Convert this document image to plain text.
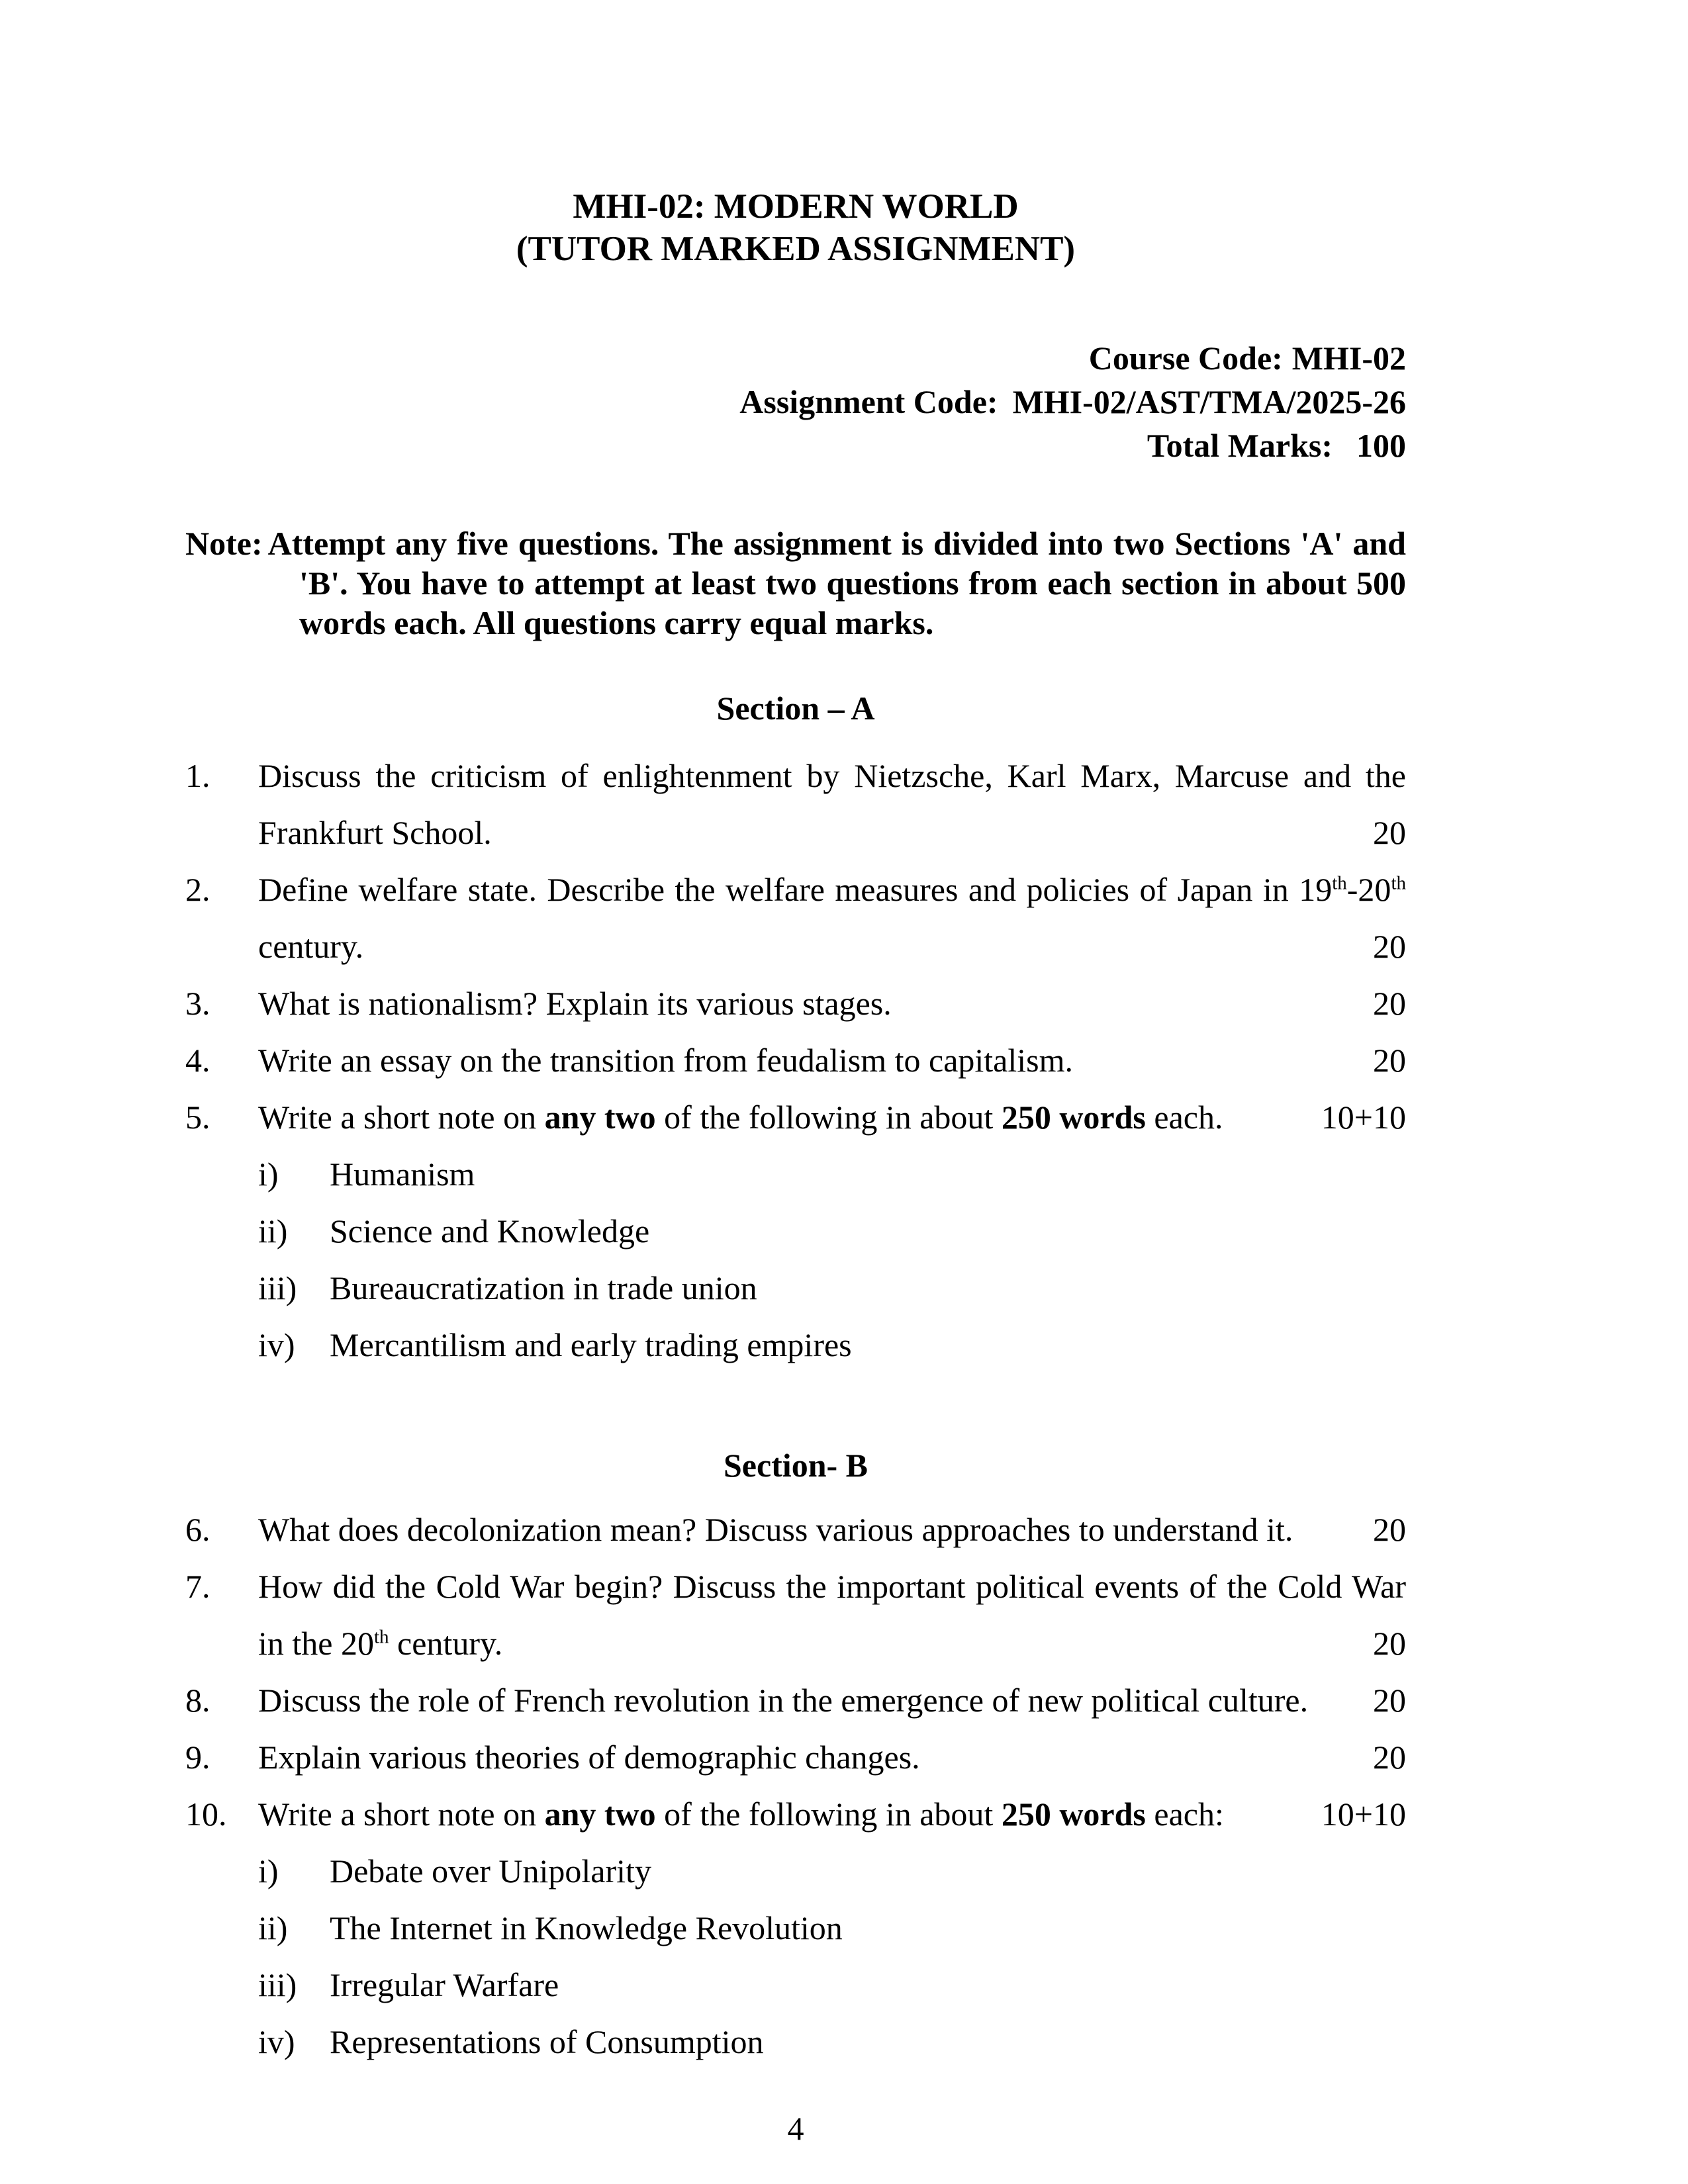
MHI-02: MODERN WORLD
(TUTOR MARKED ASSIGNMENT)
Course Code: MHI-02
Assignment Code: MHI-02/AST/TMA/2025-26
Total Marks: 100

Note: Attempt any five questions. The assignment is divided into two Sections 'A' and 'B'. You have to attempt at least two questions from each section in about 500 words each. All questions carry equal marks.

Section – A
1.	Discuss the criticism of enlightenment by Nietzsche, Karl Marx, Marcuse and the Frankfurt School.	20

2.	Define welfare state. Describe the welfare measures and policies of Japan in 19th-20th century.	20

3.	What is nationalism? Explain its various stages.	20

4.	Write an essay on the transition from feudalism to capitalism.	20

5.	Write a short note on any two of the following in about 250 words each.	10+10

i)	Humanism
ii)	Science and Knowledge
iii) Bureaucratization in trade union
iv)	Mercantilism and early trading empires
Section- B
6.	What does decolonization mean? Discuss various approaches to understand it. 20

7.	How did the Cold War begin? Discuss the important political events of the Cold War in the 20th century.	20

8.	Discuss the role of French revolution in the emergence of new political culture. 20

9.	Explain various theories of demographic changes.	20

10. Write a short note on any two of the following in about 250 words each:	10+10

i)	Debate over Unipolarity
ii)	The Internet in Knowledge Revolution
iii) Irregular Warfare
iv)	Representations of Consumption
4
